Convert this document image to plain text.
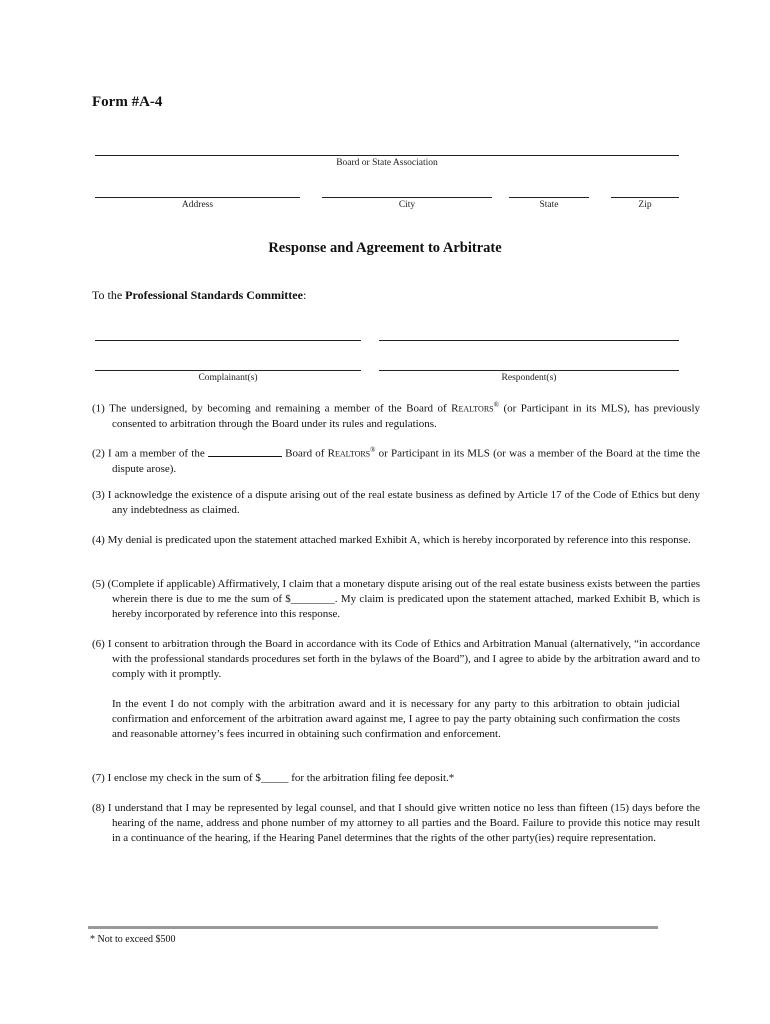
Form #A-4
Board or State Association
Address	City	State	Zip
Response and Agreement to Arbitrate
To the Professional Standards Committee:
Complainant(s)	Respondent(s)
(1) The undersigned, by becoming and remaining a member of the Board of Realtors® (or Participant in its MLS), has previously consented to arbitration through the Board under its rules and regulations.
(2) I am a member of the	Board of Realtors® or Participant in its MLS (or was a member of the Board at the time the dispute arose).
(3) I acknowledge the existence of a dispute arising out of the real estate business as defined by Article 17 of the Code of Ethics but deny any indebtedness as claimed.
(4) My denial is predicated upon the statement attached marked Exhibit A, which is hereby incorporated by reference into this response.
(5) (Complete if applicable) Affirmatively, I claim that a monetary dispute arising out of the real estate business exists between the parties wherein there is due to me the sum of $________. My claim is predicated upon the statement attached, marked Exhibit B, which is hereby incorporated by reference into this response.
(6) I consent to arbitration through the Board in accordance with its Code of Ethics and Arbitration Manual (alternatively, “in accordance with the professional standards procedures set forth in the bylaws of the Board”), and I agree to abide by the arbitration award and to comply with it promptly.
In the event I do not comply with the arbitration award and it is necessary for any party to this arbitration to obtain judicial confirmation and enforcement of the arbitration award against me, I agree to pay the party obtaining such confirmation the costs and reasonable attorney’s fees incurred in obtaining such confirmation and enforcement.
(7) I enclose my check in the sum of $_____ for the arbitration filing fee deposit.*
(8) I understand that I may be represented by legal counsel, and that I should give written notice no less than fifteen (15) days before the hearing of the name, address and phone number of my attorney to all parties and the Board. Failure to provide this notice may result in a continuance of the hearing, if the Hearing Panel determines that the rights of the other party(ies) require representation.
* Not to exceed $500
